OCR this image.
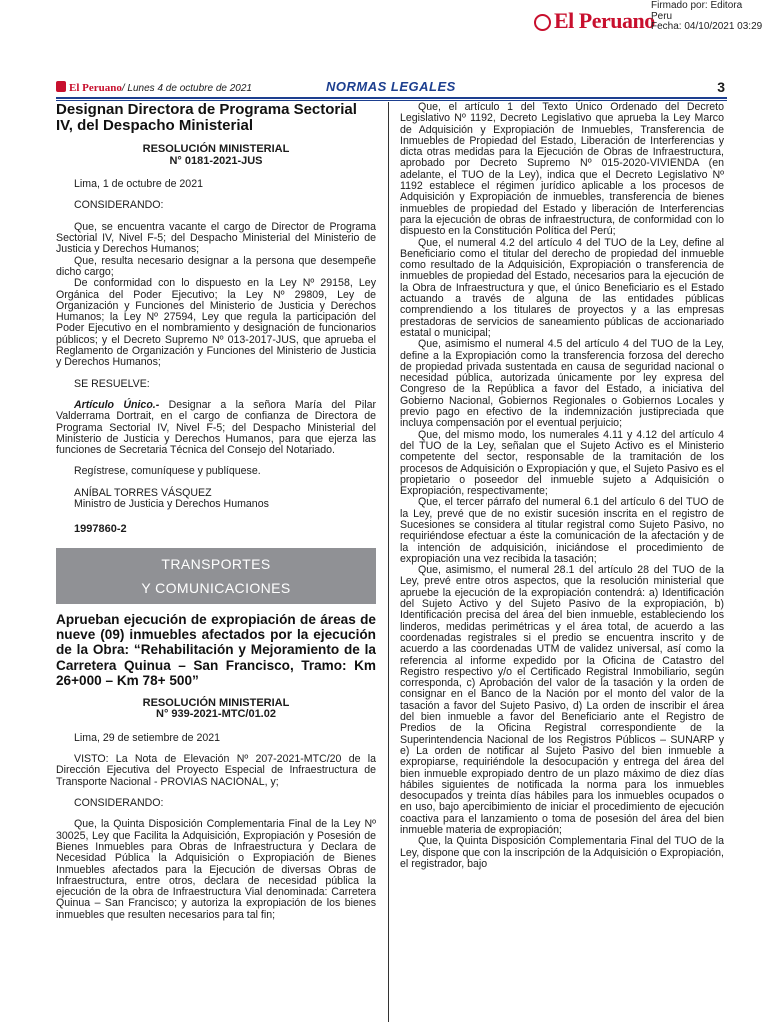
El Peruano
Firmado por: Editora
Peru
Fecha: 04/10/2021 03:29
El Peruano/ Lunes 4 de octubre de 2021	NORMAS LEGALES	3
Designan Directora de Programa Sectorial IV, del Despacho Ministerial
RESOLUCIÓN MINISTERIAL
N° 0181-2021-JUS

Lima, 1 de octubre de 2021

CONSIDERANDO:

Que, se encuentra vacante el cargo de Director de Programa Sectorial IV, Nivel F-5; del Despacho Ministerial del Ministerio de Justicia y Derechos Humanos;

Que, resulta necesario designar a la persona que desempeñe dicho cargo;

De conformidad con lo dispuesto en la Ley Nº 29158, Ley Orgánica del Poder Ejecutivo; la Ley Nº 29809, Ley de Organización y Funciones del Ministerio de Justicia y Derechos Humanos; la Ley Nº 27594, Ley que regula la participación del Poder Ejecutivo en el nombramiento y designación de funcionarios públicos; y el Decreto Supremo Nº 013-2017-JUS, que aprueba el Reglamento de Organización y Funciones del Ministerio de Justicia y Derechos Humanos;

SE RESUELVE:

Artículo Único.- Designar a la señora María del Pilar Valderrama Dortrait, en el cargo de confianza de Directora de Programa Sectorial IV, Nivel F-5; del Despacho Ministerial del Ministerio de Justicia y Derechos Humanos, para que ejerza las funciones de Secretaria Técnica del Consejo del Notariado.

Regístrese, comuníquese y publíquese.

ANÍBAL TORRES VÁSQUEZ
Ministro de Justicia y Derechos Humanos
1997860-2
TRANSPORTES
Y COMUNICACIONES
Aprueban ejecución de expropiación de áreas de nueve (09) inmuebles afectados por la ejecución de la Obra: “Rehabilitación y Mejoramiento de la Carretera Quinua – San Francisco, Tramo: Km 26+000 – Km 78+ 500”
RESOLUCIÓN MINISTERIAL
N° 939-2021-MTC/01.02

Lima, 29 de setiembre de 2021

VISTO: La Nota de Elevación Nº 207-2021-MTC/20 de la Dirección Ejecutiva del Proyecto Especial de Infraestructura de Transporte Nacional - PROVIAS NACIONAL, y;

CONSIDERANDO:

Que, la Quinta Disposición Complementaria Final de la Ley Nº 30025, Ley que Facilita la Adquisición, Expropiación y Posesión de Bienes Inmuebles para Obras de Infraestructura y Declara de Necesidad Pública la Adquisición o Expropiación de Bienes Inmuebles afectados para la Ejecución de diversas Obras de Infraestructura, entre otros, declara de necesidad pública la ejecución de la obra de Infraestructura Vial denominada: Carretera Quinua – San Francisco; y autoriza la expropiación de los bienes inmuebles que resulten necesarios para tal fin;

Que, el artículo 1 del Texto Único Ordenado del Decreto Legislativo Nº 1192, Decreto Legislativo que aprueba la Ley Marco de Adquisición y Expropiación de Inmuebles, Transferencia de Inmuebles de Propiedad del Estado, Liberación de Interferencias y dicta otras medidas para la Ejecución de Obras de Infraestructura, aprobado por Decreto Supremo Nº 015-2020-VIVIENDA (en adelante, el TUO de la Ley), indica que el Decreto Legislativo Nº 1192 establece el régimen jurídico aplicable a los procesos de Adquisición y Expropiación de inmuebles, transferencia de bienes inmuebles de propiedad del Estado y liberación de Interferencias para la ejecución de obras de infraestructura, de conformidad con lo dispuesto en la Constitución Política del Perú;

Que, el numeral 4.2 del artículo 4 del TUO de la Ley, define al Beneficiario como el titular del derecho de propiedad del inmueble como resultado de la Adquisición, Expropiación o transferencia de inmuebles de propiedad del Estado, necesarios para la ejecución de la Obra de Infraestructura y que, el único Beneficiario es el Estado actuando a través de alguna de las entidades públicas comprendiendo a los titulares de proyectos y a las empresas prestadoras de servicios de saneamiento públicas de accionariado estatal o municipal;

Que, asimismo el numeral 4.5 del artículo 4 del TUO de la Ley, define a la Expropiación como la transferencia forzosa del derecho de propiedad privada sustentada en causa de seguridad nacional o necesidad pública, autorizada únicamente por ley expresa del Congreso de la República a favor del Estado, a iniciativa del Gobierno Nacional, Gobiernos Regionales o Gobiernos Locales y previo pago en efectivo de la indemnización justipreciada que incluya compensación por el eventual perjuicio;

Que, del mismo modo, los numerales 4.11 y 4.12 del artículo 4 del TUO de la Ley, señalan que el Sujeto Activo es el Ministerio competente del sector, responsable de la tramitación de los procesos de Adquisición o Expropiación y que, el Sujeto Pasivo es el propietario o poseedor del inmueble sujeto a Adquisición o Expropiación, respectivamente;

Que, el tercer párrafo del numeral 6.1 del artículo 6 del TUO de la Ley, prevé que de no existir sucesión inscrita en el registro de Sucesiones se considera al titular registral como Sujeto Pasivo, no requiriéndose efectuar a éste la comunicación de la afectación y de la intención de adquisición, iniciándose el procedimiento de expropiación una vez recibida la tasación;

Que, asimismo, el numeral 28.1 del artículo 28 del TUO de la Ley, prevé entre otros aspectos, que la resolución ministerial que apruebe la ejecución de la expropiación contendrá: a) Identificación del Sujeto Activo y del Sujeto Pasivo de la expropiación, b) Identificación precisa del área del bien inmueble, estableciendo los linderos, medidas perimétricas y el área total, de acuerdo a las coordenadas registrales si el predio se encuentra inscrito y de acuerdo a las coordenadas UTM de validez universal, así como la referencia al informe expedido por la Oficina de Catastro del Registro respectivo y/o el Certificado Registral Inmobiliario, según corresponda, c) Aprobación del valor de la tasación y la orden de consignar en el Banco de la Nación por el monto del valor de la tasación a favor del Sujeto Pasivo, d) La orden de inscribir el área del bien inmueble a favor del Beneficiario ante el Registro de Predios de la Oficina Registral correspondiente de la Superintendencia Nacional de los Registros Públicos – SUNARP y e) La orden de notificar al Sujeto Pasivo del bien inmueble a expropiarse, requiriéndole la desocupación y entrega del área del bien inmueble expropiado dentro de un plazo máximo de diez días hábiles siguientes de notificada la norma para los inmuebles desocupados y treinta días hábiles para los inmuebles ocupados o en uso, bajo apercibimiento de iniciar el procedimiento de ejecución coactiva para el lanzamiento o toma de posesión del área del bien inmueble materia de expropiación;

Que, la Quinta Disposición Complementaria Final del TUO de la Ley, dispone que con la inscripción de la Adquisición o Expropiación, el registrador, bajo
